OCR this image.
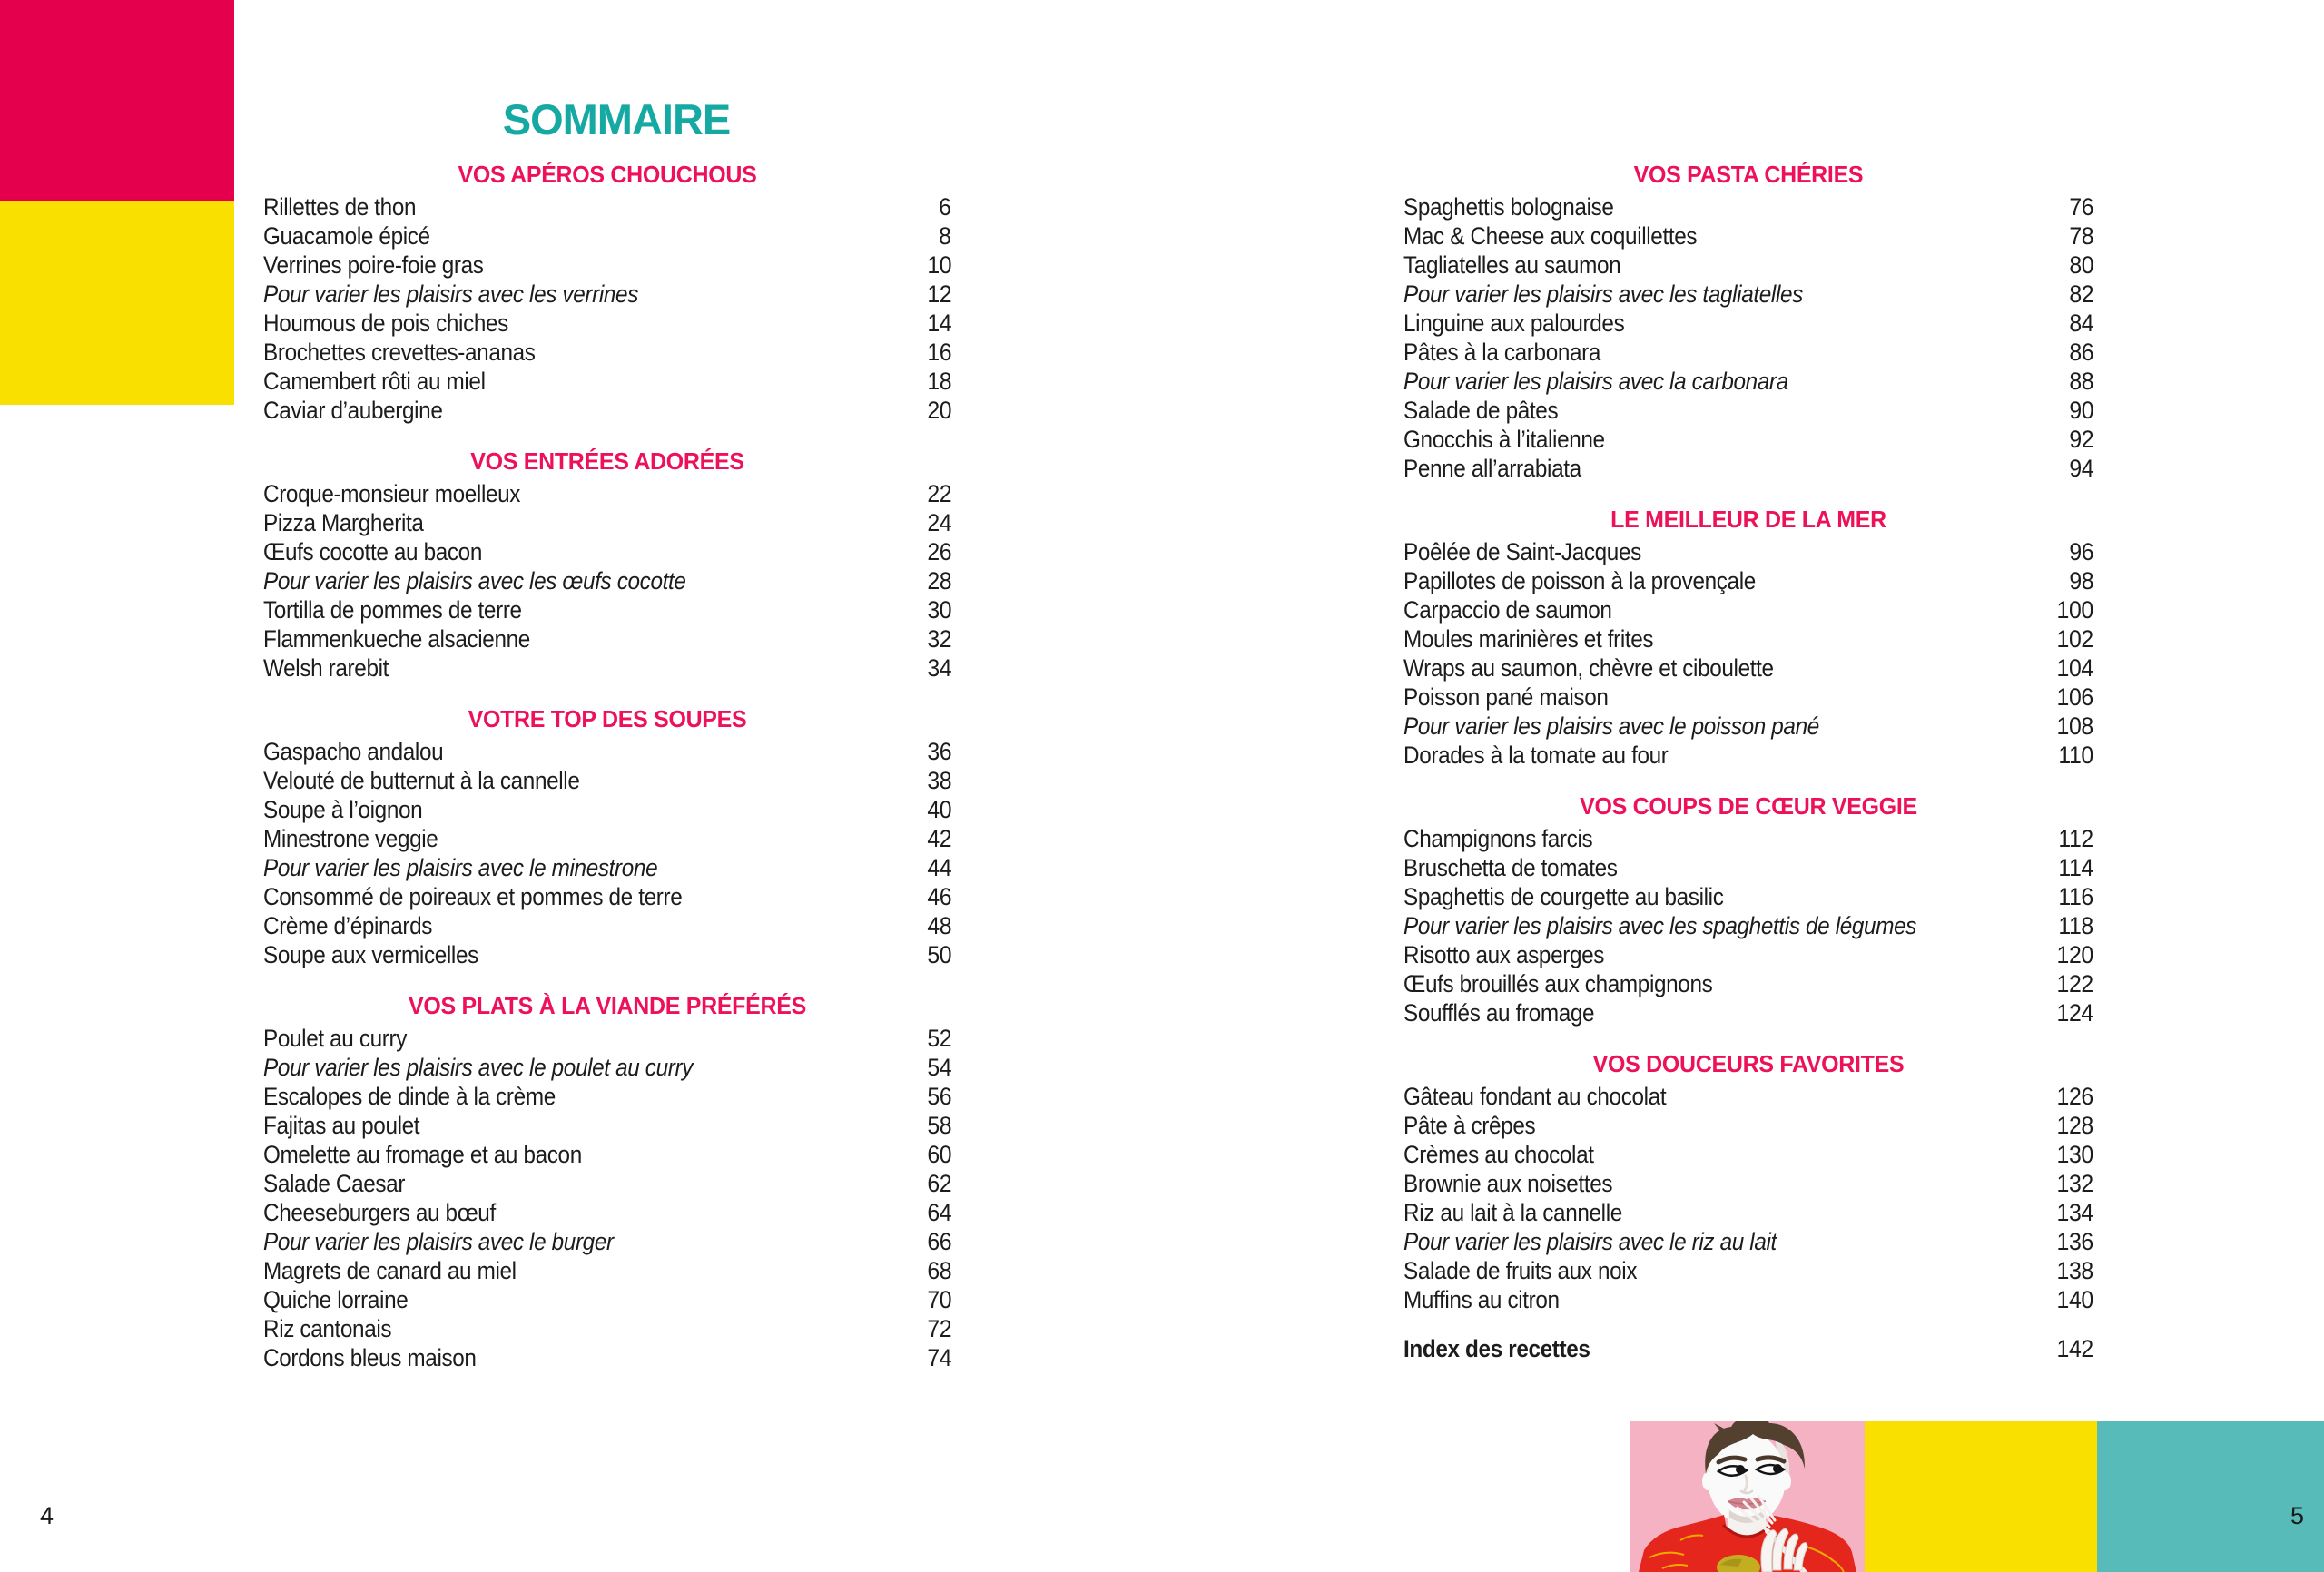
SOMMAIRE
VOS APÉROS CHOUCHOUS
Rillettes de thon	6
Guacamole épicé	8
Verrines poire-foie gras	10
Pour varier les plaisirs avec les verrines	12
Houmous de pois chiches	14
Brochettes crevettes-ananas	16
Camembert rôti au miel	18
Caviar d’aubergine	20
VOS ENTRÉES ADORÉES
Croque-monsieur moelleux	22
Pizza Margherita	24
Œufs cocotte au bacon	26
Pour varier les plaisirs avec les œufs cocotte	28
Tortilla de pommes de terre	30
Flammenkueche alsacienne	32
Welsh rarebit	34
VOTRE TOP DES SOUPES
Gaspacho andalou	36
Velouté de butternut à la cannelle	38
Soupe à l’oignon	40
Minestrone veggie	42
Pour varier les plaisirs avec le minestrone	44
Consommé de poireaux et pommes de terre	46
Crème d’épinards	48
Soupe aux vermicelles	50
VOS PLATS À LA VIANDE PRÉFÉRÉS
Poulet au curry	52
Pour varier les plaisirs avec le poulet au curry	54
Escalopes de dinde à la crème	56
Fajitas au poulet	58
Omelette au fromage et au bacon	60
Salade Caesar	62
Cheeseburgers au bœuf	64
Pour varier les plaisirs avec le burger	66
Magrets de canard au miel	68
Quiche lorraine	70
Riz cantonais	72
Cordons bleus maison	74
VOS PASTA CHÉRIES
Spaghettis bolognaise	76
Mac & Cheese aux coquillettes	78
Tagliatelles au saumon	80
Pour varier les plaisirs avec les tagliatelles	82
Linguine aux palourdes	84
Pâtes à la carbonara	86
Pour varier les plaisirs avec la carbonara	88
Salade de pâtes	90
Gnocchis à l’italienne	92
Penne all’arrabiata	94
LE MEILLEUR DE LA MER
Poêlée de Saint-Jacques	96
Papillotes de poisson à la provençale	98
Carpaccio de saumon	100
Moules marinières et frites	102
Wraps au saumon, chèvre et ciboulette	104
Poisson pané maison	106
Pour varier les plaisirs avec le poisson pané	108
Dorades à la tomate au four	110
VOS COUPS DE CŒUR VEGGIE
Champignons farcis	112
Bruschetta de tomates	114
Spaghettis de courgette au basilic	116
Pour varier les plaisirs avec les spaghettis de légumes	118
Risotto aux asperges	120
Œufs brouillés aux champignons	122
Soufflés au fromage	124
VOS DOUCEURS FAVORITES
Gâteau fondant au chocolat	126
Pâte à crêpes	128
Crèmes au chocolat	130
Brownie aux noisettes	132
Riz au lait à la cannelle	134
Pour varier les plaisirs avec le riz au lait	136
Salade de fruits aux noix	138
Muffins au citron	140
Index des recettes	142
4	5
